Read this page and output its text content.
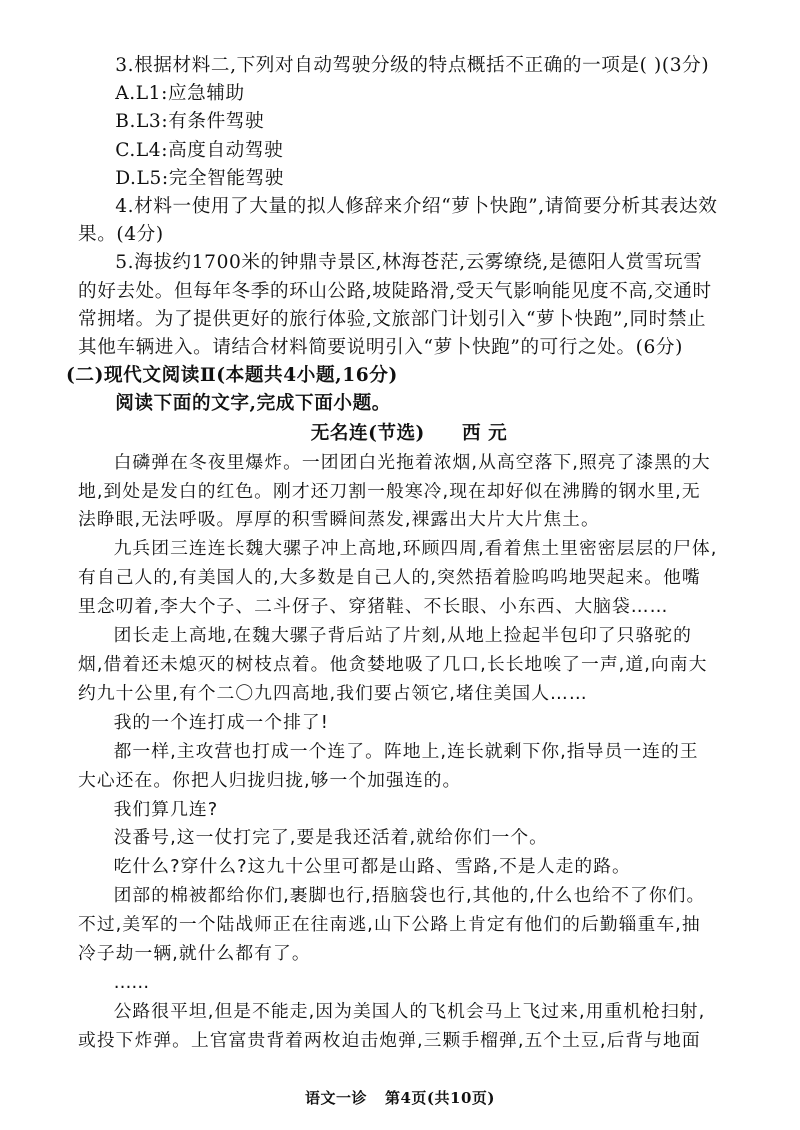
3.根据材料二,下列对自动驾驶分级的特点概括不正确的一项是( )(3分)
A.L1:应急辅助
B.L3:有条件驾驶
C.L4:高度自动驾驶
D.L5:完全智能驾驶
4.材料一使用了大量的拟人修辞来介绍“萝卜快跑”,请简要分析其表达效
果。(4分)
5.海拔约1700米的钟鼎寺景区,林海苍茫,云雾缭绕,是德阳人赏雪玩雪
的好去处。但每年冬季的环山公路,坡陡路滑,受天气影响能见度不高,交通时
常拥堵。为了提供更好的旅行体验,文旅部门计划引入“萝卜快跑”,同时禁止
其他车辆进入。请结合材料简要说明引入“萝卜快跑”的可行之处。(6分)
(二)现代文阅读Ⅱ(本题共4小题,16分)
阅读下面的文字,完成下面小题。
无名连(节选) 西 元
白磷弹在冬夜里爆炸。一团团白光拖着浓烟,从高空落下,照亮了漆黑的大
地,到处是发白的红色。刚才还刀割一般寒冷,现在却好似在沸腾的钢水里,无
法睁眼,无法呼吸。厚厚的积雪瞬间蒸发,裸露出大片大片焦土。
九兵团三连连长魏大骡子冲上高地,环顾四周,看着焦土里密密层层的尸体,
有自己人的,有美国人的,大多数是自己人的,突然捂着脸呜呜地哭起来。他嘴
里念叨着,李大个子、二斗伢子、穿猪鞋、不长眼、小东西、大脑袋……
团长走上高地,在魏大骡子背后站了片刻,从地上捡起半包印了只骆驼的
烟,借着还未熄灭的树枝点着。他贪婪地吸了几口,长长地唉了一声,道,向南大
约九十公里,有个二〇九四高地,我们要占领它,堵住美国人……
我的一个连打成一个排了!
都一样,主攻营也打成一个连了。阵地上,连长就剩下你,指导员一连的王
大心还在。你把人归拢归拢,够一个加强连的。
我们算几连?
没番号,这一仗打完了,要是我还活着,就给你们一个。
吃什么?穿什么?这九十公里可都是山路、雪路,不是人走的路。
团部的棉被都给你们,裹脚也行,捂脑袋也行,其他的,什么也给不了你们。
不过,美军的一个陆战师正在往南逃,山下公路上肯定有他们的后勤辎重车,抽
冷子劫一辆,就什么都有了。
……
公路很平坦,但是不能走,因为美国人的飞机会马上飞过来,用重机枪扫射,
或投下炸弹。上官富贵背着两枚迫击炮弹,三颗手榴弹,五个土豆,后背与地面
语文一诊 第4页(共10页)
